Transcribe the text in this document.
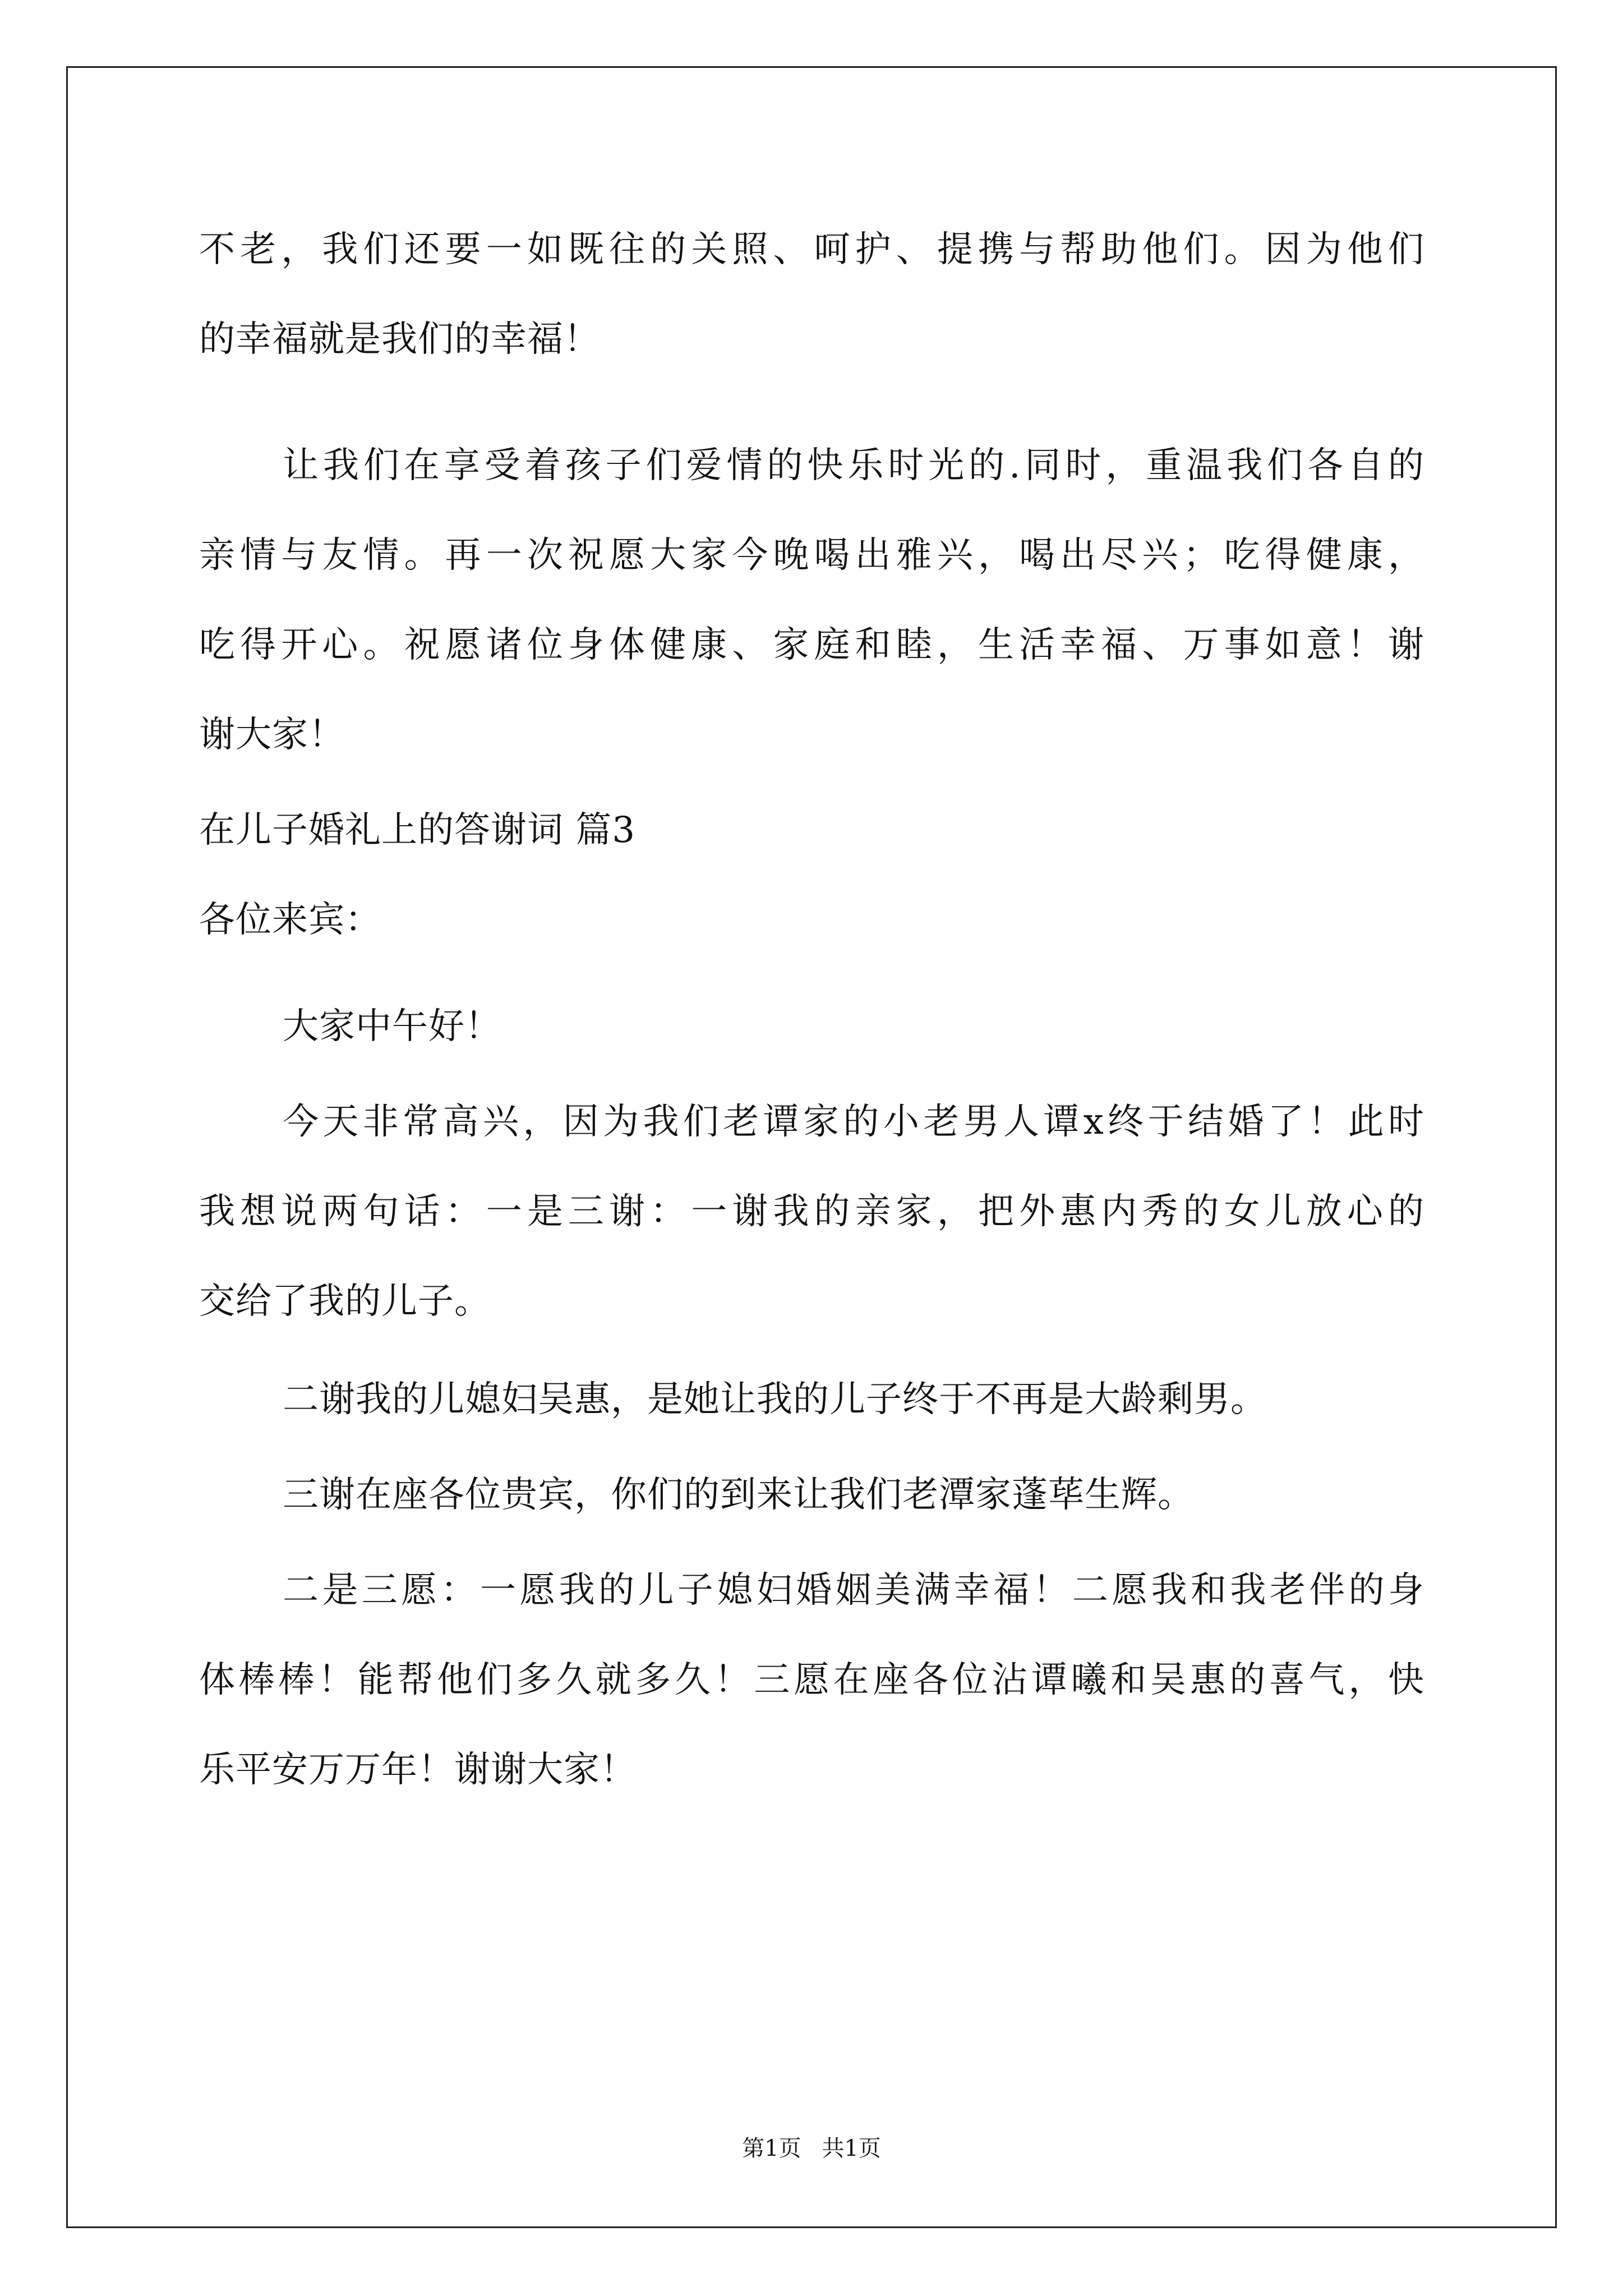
不老，我们还要一如既往的关照、呵护、提携与帮助他们。因为他们
的幸福就是我们的幸福！
让我们在享受着孩子们爱情的快乐时光的.同时，重温我们各自的
亲情与友情。再一次祝愿大家今晚喝出雅兴，喝出尽兴；吃得健康，
吃得开心。祝愿诸位身体健康、家庭和睦，生活幸福、万事如意！谢
谢大家！
在儿子婚礼上的答谢词 篇3
各位来宾：
大家中午好！
今天非常高兴，因为我们老谭家的小老男人谭x终于结婚了！此时
我想说两句话：一是三谢：一谢我的亲家，把外惠内秀的女儿放心的
交给了我的儿子。
二谢我的儿媳妇吴惠，是她让我的儿子终于不再是大龄剩男。
三谢在座各位贵宾，你们的到来让我们老潭家蓬荜生辉。
二是三愿：一愿我的儿子媳妇婚姻美满幸福！二愿我和我老伴的身
体棒棒！能帮他们多久就多久！三愿在座各位沾谭曦和吴惠的喜气，快
乐平安万万年！谢谢大家！
第1页 共1页
